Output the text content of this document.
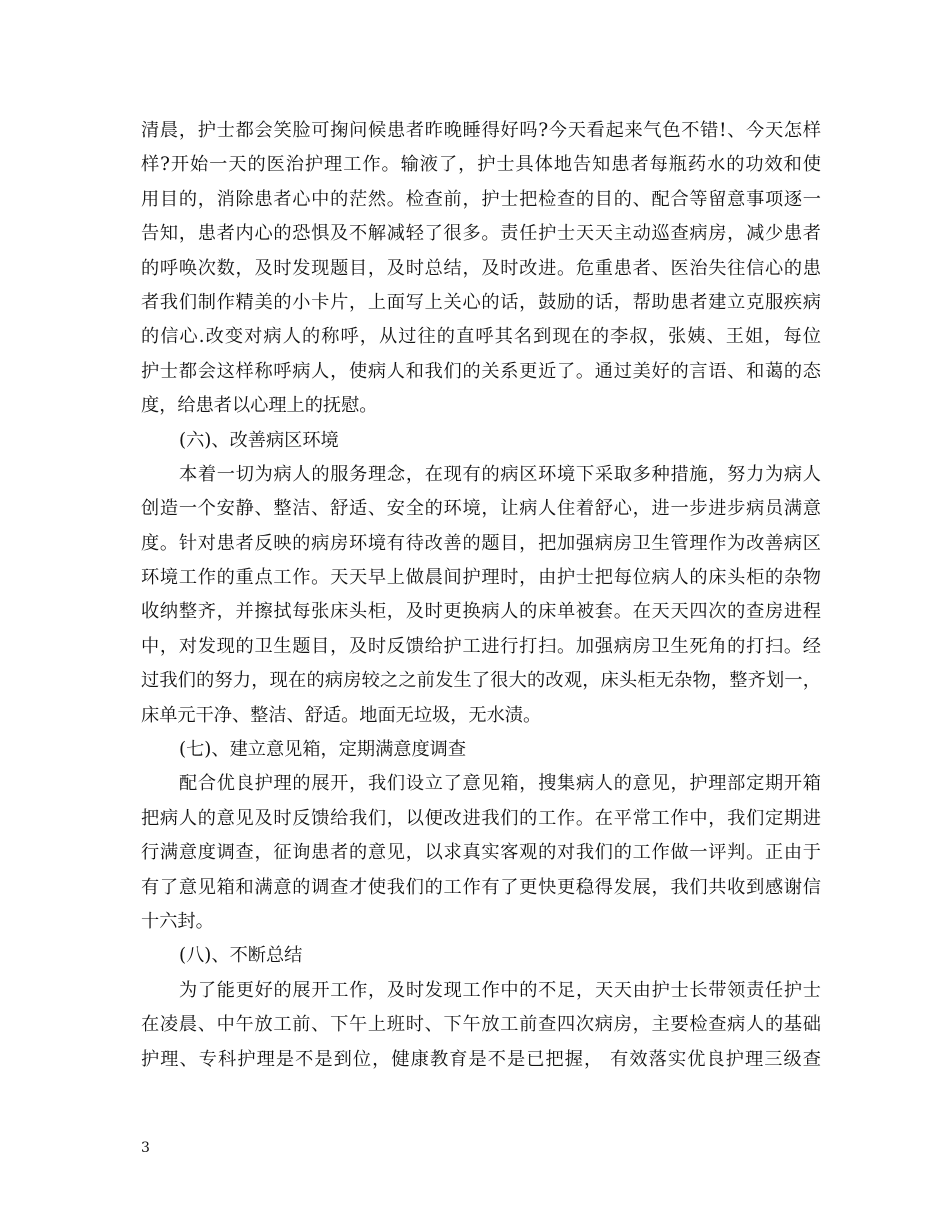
清晨，护士都会笑脸可掬问候患者昨晚睡得好吗?今天看起来气色不错!、今天怎样
样?开始一天的医治护理工作。输液了，护士具体地告知患者每瓶药水的功效和使
用目的，消除患者心中的茫然。检查前，护士把检查的目的、配合等留意事项逐一
告知，患者内心的恐惧及不解减轻了很多。责任护士天天主动巡查病房，减少患者
的呼唤次数，及时发现题目，及时总结，及时改进。危重患者、医治失往信心的患
者我们制作精美的小卡片，上面写上关心的话，鼓励的话，帮助患者建立克服疾病
的信心.改变对病人的称呼，从过往的直呼其名到现在的李叔，张姨、王姐，每位
护士都会这样称呼病人，使病人和我们的关系更近了。通过美好的言语、和蔼的态
度，给患者以心理上的抚慰。
(六)、改善病区环境
本着一切为病人的服务理念，在现有的病区环境下采取多种措施，努力为病人
创造一个安静、整洁、舒适、安全的环境，让病人住着舒心，进一步进步病员满意
度。针对患者反映的病房环境有待改善的题目，把加强病房卫生管理作为改善病区
环境工作的重点工作。天天早上做晨间护理时，由护士把每位病人的床头柜的杂物
收纳整齐，并擦拭每张床头柜，及时更换病人的床单被套。在天天四次的查房进程
中，对发现的卫生题目，及时反馈给护工进行打扫。加强病房卫生死角的打扫。经
过我们的努力，现在的病房较之之前发生了很大的改观，床头柜无杂物，整齐划一，
床单元干净、整洁、舒适。地面无垃圾，无水渍。
(七)、建立意见箱，定期满意度调查
配合优良护理的展开，我们设立了意见箱，搜集病人的意见，护理部定期开箱
把病人的意见及时反馈给我们，以便改进我们的工作。在平常工作中，我们定期进
行满意度调查，征询患者的意见，以求真实客观的对我们的工作做一评判。正由于
有了意见箱和满意的调查才使我们的工作有了更快更稳得发展，我们共收到感谢信
十六封。
(八)、不断总结
为了能更好的展开工作，及时发现工作中的不足，天天由护士长带领责任护士
在凌晨、中午放工前、下午上班时、下午放工前查四次病房，主要检查病人的基础
护理、专科护理是不是到位，健康教育是不是已把握， 有效落实优良护理三级查
3
